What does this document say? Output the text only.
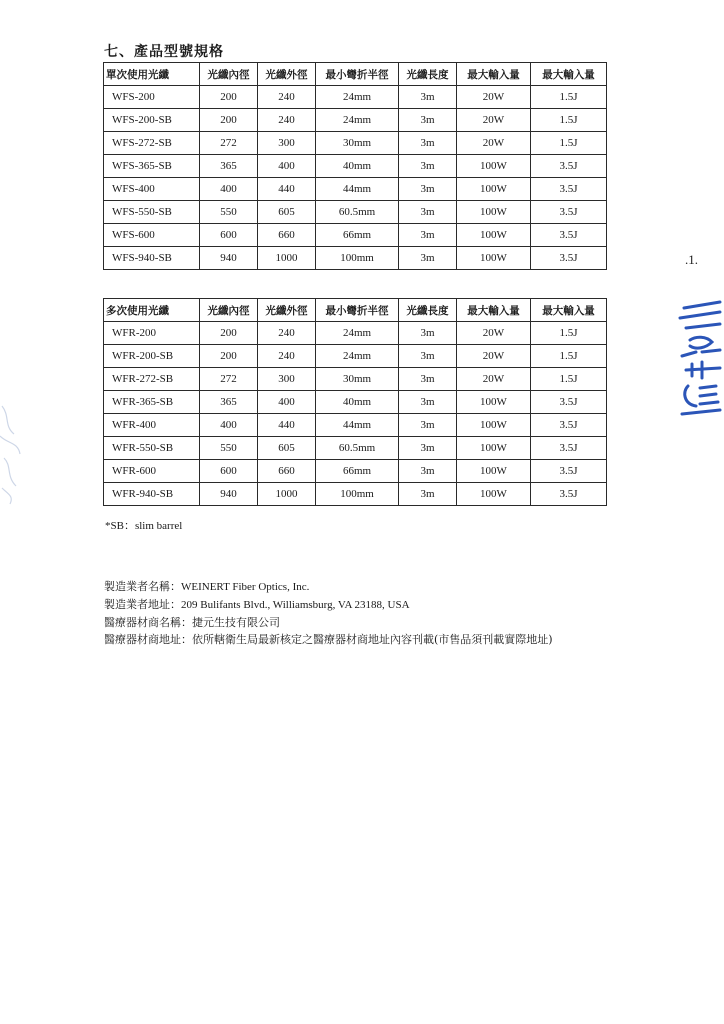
七、產品型號規格
單次使用光纖	光纖內徑	光纖外徑	最小彎折半徑	光纖長度	最大輸入量	最大輸入量
WFS-200	200	240	24mm	3m	20W	1.5J
WFS-200-SB	200	240	24mm	3m	20W	1.5J
WFS-272-SB	272	300	30mm	3m	20W	1.5J
WFS-365-SB	365	400	40mm	3m	100W	3.5J
WFS-400	400	440	44mm	3m	100W	3.5J
WFS-550-SB	550	605	60.5mm	3m	100W	3.5J
WFS-600	600	660	66mm	3m	100W	3.5J
WFS-940-SB	940	1000	100mm	3m	100W	3.5J
多次使用光纖	光纖內徑	光纖外徑	最小彎折半徑	光纖長度	最大輸入量	最大輸入量
WFR-200	200	240	24mm	3m	20W	1.5J
WFR-200-SB	200	240	24mm	3m	20W	1.5J
WFR-272-SB	272	300	30mm	3m	20W	1.5J
WFR-365-SB	365	400	40mm	3m	100W	3.5J
WFR-400	400	440	44mm	3m	100W	3.5J
WFR-550-SB	550	605	60.5mm	3m	100W	3.5J
WFR-600	600	660	66mm	3m	100W	3.5J
WFR-940-SB	940	1000	100mm	3m	100W	3.5J
*SB：slim barrel
製造業者名稱：WEINERT Fiber Optics, Inc.
製造業者地址：209 Bulifants Blvd., Williamsburg, VA 23188, USA
醫療器材商名稱：捷元生技有限公司
醫療器材商地址：依所轄衛生局最新核定之醫療器材商地址內容刊載(市售品須刊載實際地址)
.1.
